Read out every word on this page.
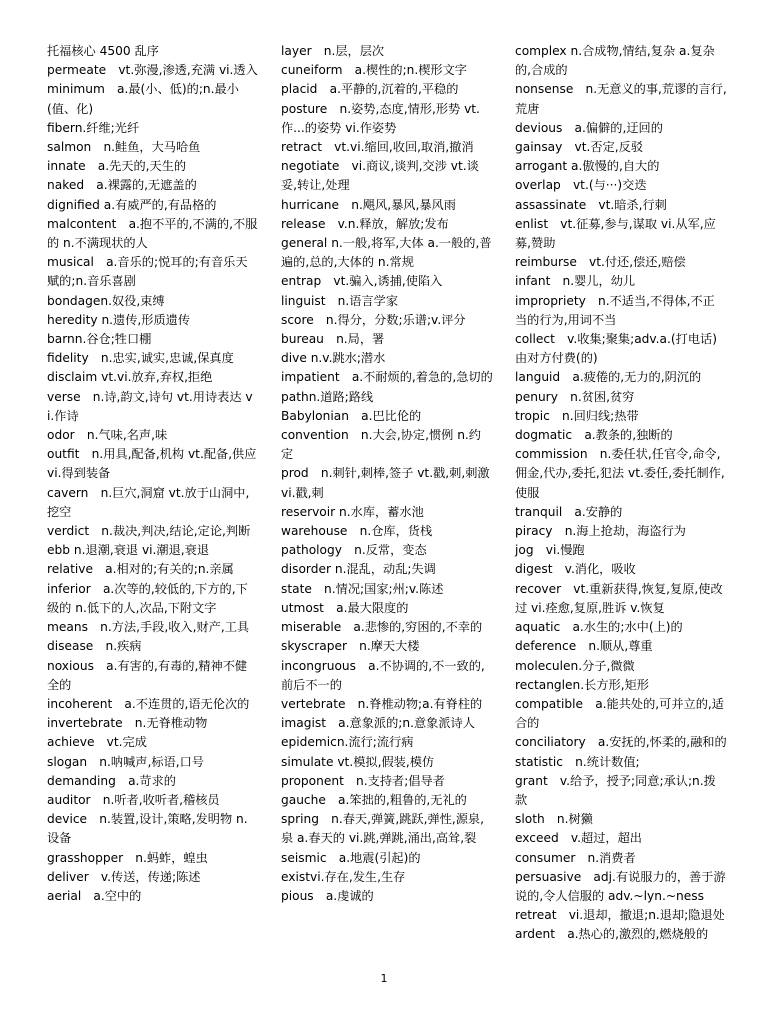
托福核心 4500 乱序

permeate　vt.弥漫,渗透,充满 vi.透入

minimum　a.最(小、低)的;n.最小(值、化)

fibern.纤维;光纤

salmon　n.鲑鱼，大马哈鱼

innate　a.先天的,天生的

naked　a.裸露的,无遮盖的

dignified a.有威严的,有品格的

malcontent　a.抱不平的,不满的,不服的 n.不满现状的人

musical　a.音乐的;悦耳的;有音乐天赋的;n.音乐喜剧

bondagen.奴役,束缚

heredity n.遗传,形质遗传

barnn.谷仓;牲口棚

fidelity　n.忠实,诚实,忠诚,保真度

disclaim vt.vi.放弃,弃权,拒绝

verse　n.诗,韵文,诗句 vt.用诗表达 vi.作诗

odor　n.气味,名声,味

outfit　n.用具,配备,机构 vt.配备,供应 vi.得到装备

cavern　n.巨穴,洞窟 vt.放于山洞中,挖空

verdict　n.裁决,判决,结论,定论,判断

ebb n.退潮,衰退 vi.潮退,衰退

relative　a.相对的;有关的;n.亲属

inferior　a.次等的,较低的,下方的,下级的 n.低下的人,次品,下附文字

means　n.方法,手段,收入,财产,工具

disease　n.疾病

noxious　a.有害的,有毒的,精神不健全的

incoherent　a.不连贯的,语无伦次的

invertebrate　n.无脊椎动物

achieve　vt.完成

slogan　n.呐喊声,标语,口号

demanding　a.苛求的

auditor　n.听者,收听者,稽核员

device　n.装置,设计,策略,发明物 n.设备

grasshopper　n.蚂蚱，蝗虫

deliver　v.传送，传递;陈述

aerial　a.空中的

layer　n.层，层次

cuneiform　a.楔性的;n.楔形文字

placid　a.平静的,沉着的,平稳的

posture　n.姿势,态度,情形,形势 vt.作...的姿势 vi.作姿势

retract　vt.vi.缩回,收回,取消,撤消

negotiate　vi.商议,谈判,交涉 vt.谈妥,转让,处理

hurricane　n.飓风,暴风,暴风雨

release　v.n.释放，解放;发布

general n.一般,将军,大体 a.一般的,普遍的,总的,大体的 n.常规

entrap　vt.骗入,诱捕,使陷入

linguist　n.语言学家

score　n.得分，分数;乐谱;v.评分

bureau　n.局，署

dive n.v.跳水;潜水

impatient　a.不耐烦的,着急的,急切的

pathn.道路;路线

Babylonian　a.巴比伦的

convention　n.大会,协定,惯例 n.约定

prod　n.刺针,刺棒,签子 vt.戳,刺,刺激 vi.戳,刺

reservoir n.水库，蓄水池

warehouse　n.仓库，货栈

pathology　n.反常，变态

disorder n.混乱，动乱;失调

state　n.情况;国家;州;v.陈述

utmost　a.最大限度的

miserable　a.悲惨的,穷困的,不幸的

skyscraper　n.摩天大楼

incongruous　a.不协调的,不一致的,前后不一的

vertebrate　n.脊椎动物;a.有脊柱的

imagist　a.意象派的;n.意象派诗人

epidemicn.流行;流行病

simulate vt.模拟,假装,模仿

proponent　n.支持者;倡导者

gauche　a.笨拙的,粗鲁的,无礼的

spring　n.春天,弹簧,跳跃,弹性,源泉,泉 a.春天的 vi.跳,弹跳,涌出,高耸,裂

seismic　a.地震(引起)的

existvi.存在,发生,生存

pious　a.虔诚的

complex n.合成物,情结,复杂 a.复杂的,合成的

nonsense　n.无意义的事,荒谬的言行,荒唐

devious　a.偏僻的,迂回的

gainsay　vt.否定,反驳

arrogant a.傲慢的,自大的

overlap　vt.(与···)交迭

assassinate　vt.暗杀,行刺

enlist　vt.征募,参与,谋取 vi.从军,应募,赞助

reimburse　vt.付还,偿还,赔偿

infant　n.婴儿，幼儿

impropriety　n.不适当,不得体,不正当的行为,用词不当

collect　v.收集;聚集;adv.a.(打电话)由对方付费(的)

languid　a.疲倦的,无力的,阴沉的

penury　n.贫困,贫穷

tropic　n.回归线;热带

dogmatic　a.教条的,独断的

commission　n.委任状,任官令,命令,佣金,代办,委托,犯法 vt.委任,委托制作,使服

tranquil　a.安静的

piracy　n.海上抢劫，海盗行为

jog　vi.慢跑

digest　v.消化，吸收

recover　vt.重新获得,恢复,复原,使改过 vi.痊愈,复原,胜诉 v.恢复

aquatic　a.水生的;水中(上)的

deference　n.顺从,尊重

moleculen.分子,微微

rectanglen.长方形,矩形

compatible　a.能共处的,可并立的,适合的

conciliatory　a.安抚的,怀柔的,融和的

statistic　n.统计数值;

grant　v.给予，授予;同意;承认;n.拨款

sloth　n.树獭

exceed　v.超过，超出

consumer　n.消费者

persuasive　adj.有说服力的，善于游说的,令人信服的 adv.~lyn.~ness

retreat　vi.退却，撤退;n.退却;隐退处

ardent　a.热心的,激烈的,燃烧般的

1
